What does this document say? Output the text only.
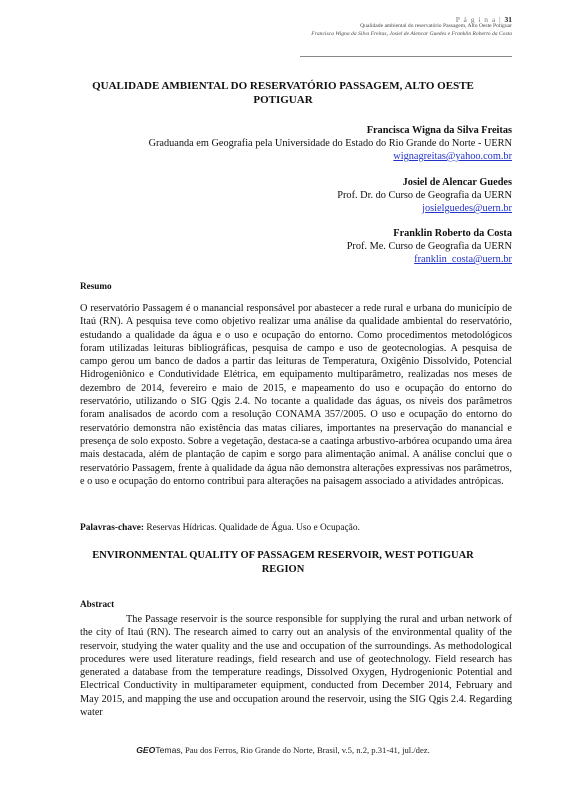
P á g i n a | 31
Qualidade ambiental do reservatório Passagem, Alto Oeste Potiguar
Francisca Wigna da Silva Freitas, Josiel de Alencar Guedes e Franklin Roberto da Costa
QUALIDADE AMBIENTAL DO RESERVATÓRIO PASSAGEM, ALTO OESTE POTIGUAR
Francisca Wigna da Silva Freitas
Graduanda em Geografia pela Universidade do Estado do Rio Grande do Norte - UERN
wignagreitas@yahoo.com.br
Josiel de Alencar Guedes
Prof. Dr. do Curso de Geografia da UERN
josielguedes@uern.br
Franklin Roberto da Costa
Prof. Me. Curso de Geografia da UERN
franklin_costa@uern.br
Resumo
O reservatório Passagem é o manancial responsável por abastecer a rede rural e urbana do município de Itaú (RN). A pesquisa teve como objetivo realizar uma análise da qualidade ambiental do reservatório, estudando a qualidade da água e o uso e ocupação do entorno. Como procedimentos metodológicos foram utilizadas leituras bibliográficas, pesquisa de campo e uso de geotecnologias. A pesquisa de campo gerou um banco de dados a partir das leituras de Temperatura, Oxigênio Dissolvido, Potencial Hidrogeniônico e Condutividade Elétrica, em equipamento multiparâmetro, realizadas nos meses de dezembro de 2014, fevereiro e maio de 2015, e mapeamento do uso e ocupação do entorno do reservatório, utilizando o SIG Qgis 2.4. No tocante a qualidade das águas, os níveis dos parâmetros foram analisados de acordo com a resolução CONAMA 357/2005. O uso e ocupação do entorno do reservatório demonstra não existência das matas ciliares, importantes na preservação do manancial e presença de solo exposto. Sobre a vegetação, destaca-se a caatinga arbustivo-arbórea ocupando uma área mais destacada, além de plantação de capim e sorgo para alimentação animal. A análise conclui que o reservatório Passagem, frente à qualidade da água não demonstra alterações expressivas nos parâmetros, e o uso e ocupação do entorno contribui para alterações na paisagem associado a atividades antrópicas.
Palavras-chave: Reservas Hídricas. Qualidade de Água. Uso e Ocupação.
ENVIRONMENTAL QUALITY OF PASSAGEM RESERVOIR, WEST POTIGUAR REGION
Abstract
The Passage reservoir is the source responsible for supplying the rural and urban network of the city of Itaú (RN). The research aimed to carry out an analysis of the environmental quality of the reservoir, studying the water quality and the use and occupation of the surroundings. As methodological procedures were used literature readings, field research and use of geotechnology. Field research has generated a database from the temperature readings, Dissolved Oxygen, Hydrogenionic Potential and Electrical Conductivity in multiparameter equipment, conducted from December 2014, February and May 2015, and mapping the use and occupation around the reservoir, using the SIG Qgis 2.4. Regarding water
GEOTemas, Pau dos Ferros, Rio Grande do Norte, Brasil, v.5, n.2, p.31-41, jul./dez.
